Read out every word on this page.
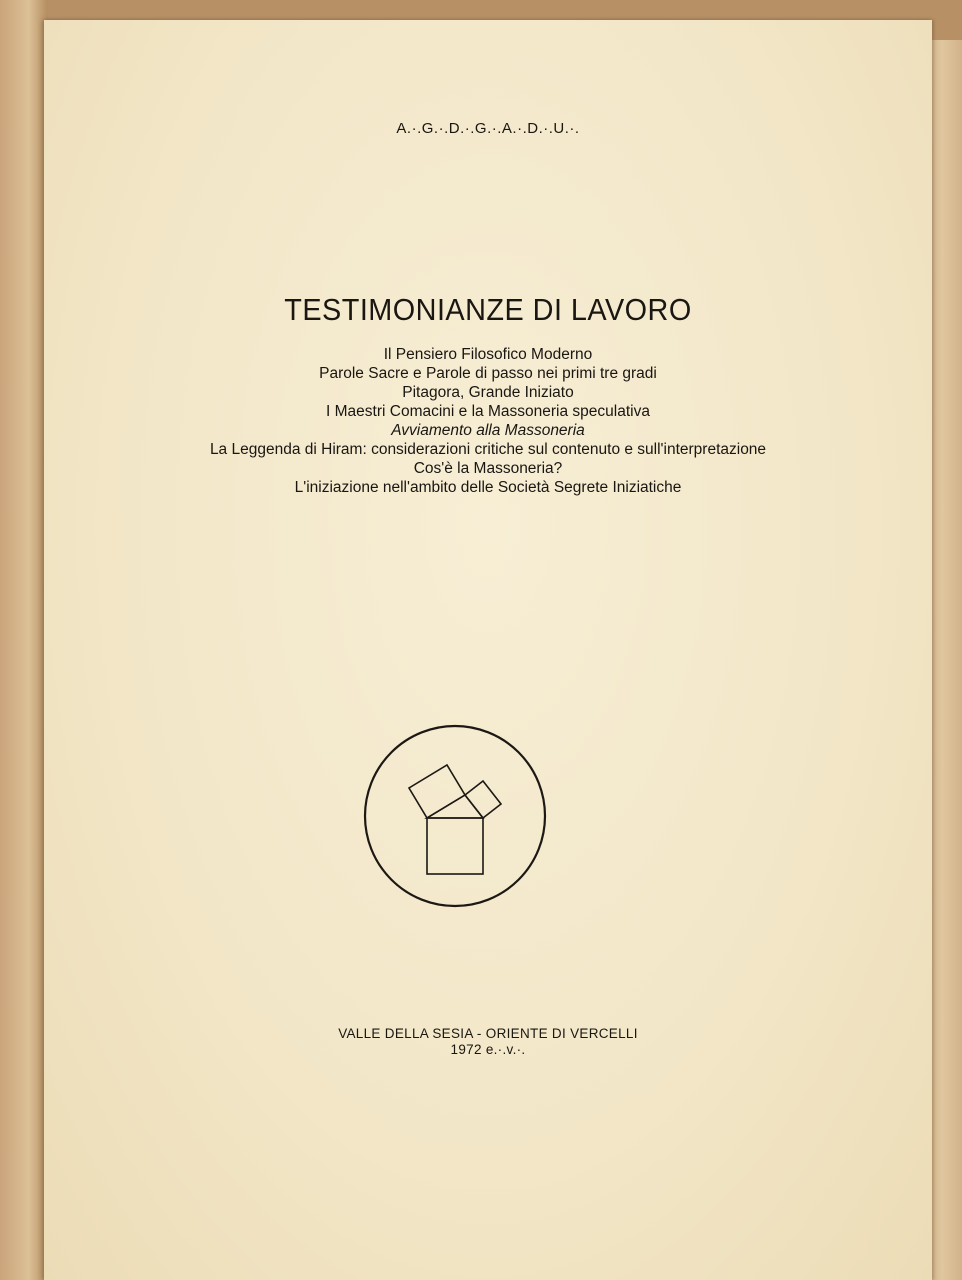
A.·.G.·.D.·.G.·.A.·.D.·.U.·.
TESTIMONIANZE DI LAVORO
Il Pensiero Filosofico Moderno
Parole Sacre e Parole di passo nei primi tre gradi
Pitagora, Grande Iniziato
I Maestri Comacini e la Massoneria speculativa
Avviamento alla Massoneria
La Leggenda di Hiram: considerazioni critiche sul contenuto e sull'interpretazione
Cos'è la Massoneria?
L'iniziazione nell'ambito delle Società Segrete Iniziatiche
VALLE DELLA SESIA - ORIENTE DI VERCELLI
1972 e.·.v.·.
